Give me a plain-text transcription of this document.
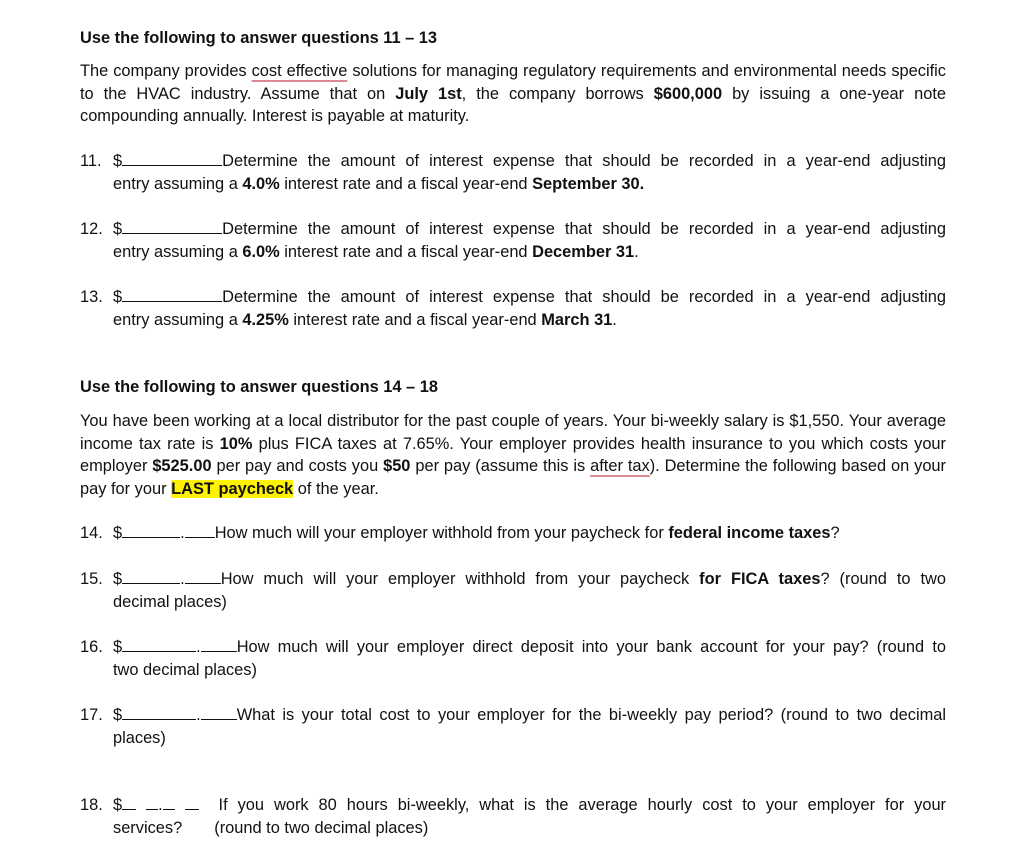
Use the following to answer questions 11 – 13
The company provides cost effective solutions for managing regulatory requirements and environmental needs specific to the HVAC industry. Assume that on July 1st, the company borrows $600,000 by issuing a one-year note compounding annually. Interest is payable at maturity.
11. $	Determine the amount of interest expense that should be recorded in a year-end adjusting
entry assuming a 4.0% interest rate and a fiscal year-end September 30.
12. $	Determine the amount of interest expense that should be recorded in a year-end adjusting
entry assuming a 6.0% interest rate and a fiscal year-end December 31.
13. $	Determine the amount of interest expense that should be recorded in a year-end adjusting
entry assuming a 4.25% interest rate and a fiscal year-end March 31.
Use the following to answer questions 14 – 18
You have been working at a local distributor for the past couple of years. Your bi-weekly salary is $1,550. Your average income tax rate is 10% plus FICA taxes at 7.65%. Your employer provides health insurance to you which costs your employer $525.00 per pay and costs you $50 per pay (assume this is after tax). Determine the following based on your pay for your LAST paycheck of the year.
14. $	. How much will your employer withhold from your paycheck for federal income taxes?
15. $	. How much will your employer withhold from your paycheck for FICA taxes? (round to two
decimal places)
16. $	. How much will your employer direct deposit into your bank account for your pay? (round to
two decimal places)
17. $	. What is your total cost to your employer for the bi-weekly pay period? (round to two decimal
places)
18. $ .	If you work 80 hours bi-weekly, what is the average hourly cost to your employer for your
services? (round to two decimal places)
